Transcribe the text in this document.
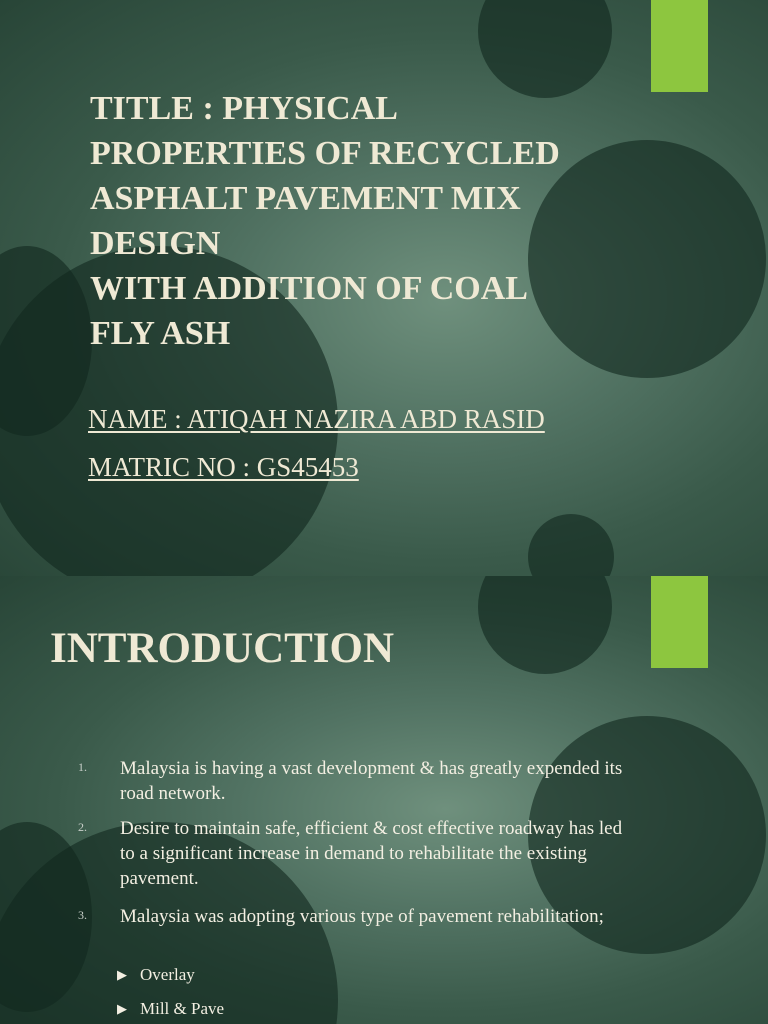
TITLE : PHYSICAL
PROPERTIES OF RECYCLED
ASPHALT PAVEMENT MIX
DESIGN
WITH ADDITION OF COAL
FLY ASH
NAME : ATIQAH NAZIRA ABD RASID
MATRIC NO : GS45453
INTRODUCTION
1. Malaysia is having a vast development & has greatly expended its road network.
2. Desire to maintain safe, efficient & cost effective roadway has led to a significant increase in demand to rehabilitate the existing pavement.
3. Malaysia was adopting various type of pavement rehabilitation;
▶ Overlay
▶ Mill & Pave
